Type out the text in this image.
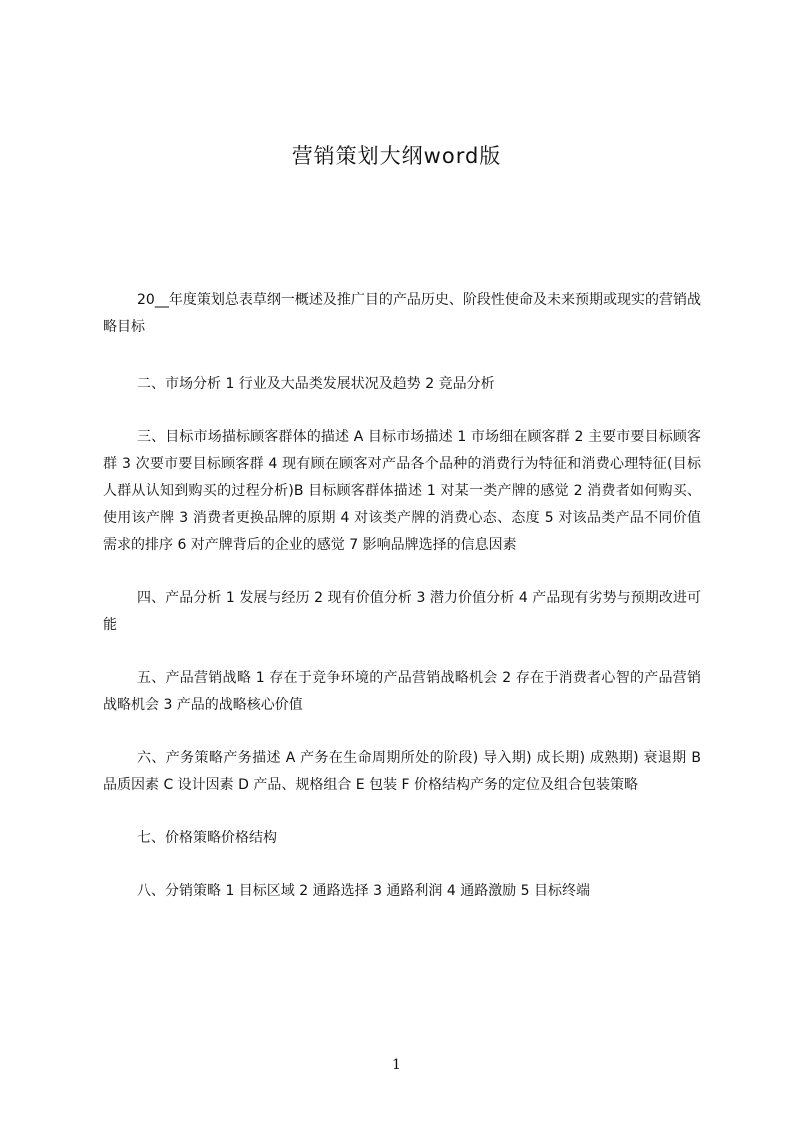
营销策划大纲word版

20__年度策划总表草纲一概述及推广目的产品历史、阶段性使命及未来预期或现实的营销战略目标

二、市场分析 1 行业及大品类发展状况及趋势 2 竞品分析

三、目标市场描标顾客群体的描述 A 目标市场描述 1 市场细在顾客群 2 主要市要目标顾客群 3 次要市要目标顾客群 4 现有顾在顾客对产品各个品种的消费行为特征和消费心理特征(目标人群从认知到购买的过程分析)B 目标顾客群体描述 1 对某一类产牌的感觉 2 消费者如何购买、使用该产牌 3 消费者更换品牌的原期 4 对该类产牌的消费心态、态度 5 对该品类产品不同价值需求的排序 6 对产牌背后的企业的感觉 7 影响品牌选择的信息因素

四、产品分析 1 发展与经历 2 现有价值分析 3 潜力价值分析 4 产品现有劣势与预期改进可能

五、产品营销战略 1 存在于竞争环境的产品营销战略机会 2 存在于消费者心智的产品营销战略机会 3 产品的战略核心价值

六、产务策略产务描述 A 产务在生命周期所处的阶段) 导入期) 成长期) 成熟期) 衰退期 B 品质因素 C 设计因素 D 产品、规格组合 E 包装 F 价格结构产务的定位及组合包装策略

七、价格策略价格结构

八、分销策略 1 目标区域 2 通路选择 3 通路利润 4 通路激励 5 目标终端

1
